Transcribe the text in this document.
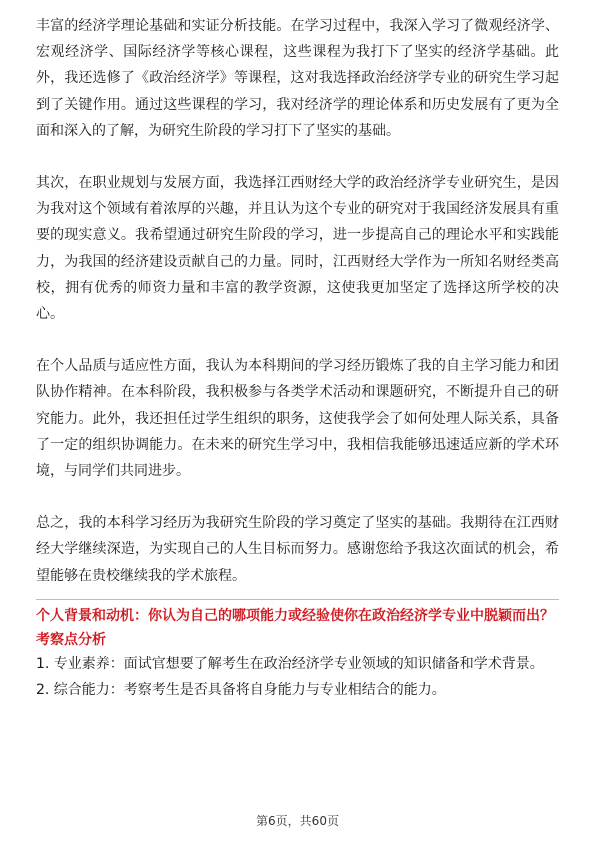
丰富的经济学理论基础和实证分析技能。在学习过程中，我深入学习了微观经济学、宏观经济学、国际经济学等核心课程，这些课程为我打下了坚实的经济学基础。此外，我还选修了《政治经济学》等课程，这对我选择政治经济学专业的研究生学习起到了关键作用。通过这些课程的学习，我对经济学的理论体系和历史发展有了更为全面和深入的了解，为研究生阶段的学习打下了坚实的基础。

其次，在职业规划与发展方面，我选择江西财经大学的政治经济学专业研究生，是因为我对这个领域有着浓厚的兴趣，并且认为这个专业的研究对于我国经济发展具有重要的现实意义。我希望通过研究生阶段的学习，进一步提高自己的理论水平和实践能力，为我国的经济建设贡献自己的力量。同时，江西财经大学作为一所知名财经类高校，拥有优秀的师资力量和丰富的教学资源，这使我更加坚定了选择这所学校的决心。

在个人品质与适应性方面，我认为本科期间的学习经历锻炼了我的自主学习能力和团队协作精神。在本科阶段，我积极参与各类学术活动和课题研究，不断提升自己的研究能力。此外，我还担任过学生组织的职务，这使我学会了如何处理人际关系，具备了一定的组织协调能力。在未来的研究生学习中，我相信我能够迅速适应新的学术环境，与同学们共同进步。

总之，我的本科学习经历为我研究生阶段的学习奠定了坚实的基础。我期待在江西财经大学继续深造，为实现自己的人生目标而努力。感谢您给予我这次面试的机会，希望能够在贵校继续我的学术旅程。

个人背景和动机：你认为自己的哪项能力或经验使你在政治经济学专业中脱颖而出？

考察点分析

1. 专业素养：面试官想要了解考生在政治经济学专业领域的知识储备和学术背景。

2. 综合能力：考察考生是否具备将自身能力与专业相结合的能力。

第6页，共60页
